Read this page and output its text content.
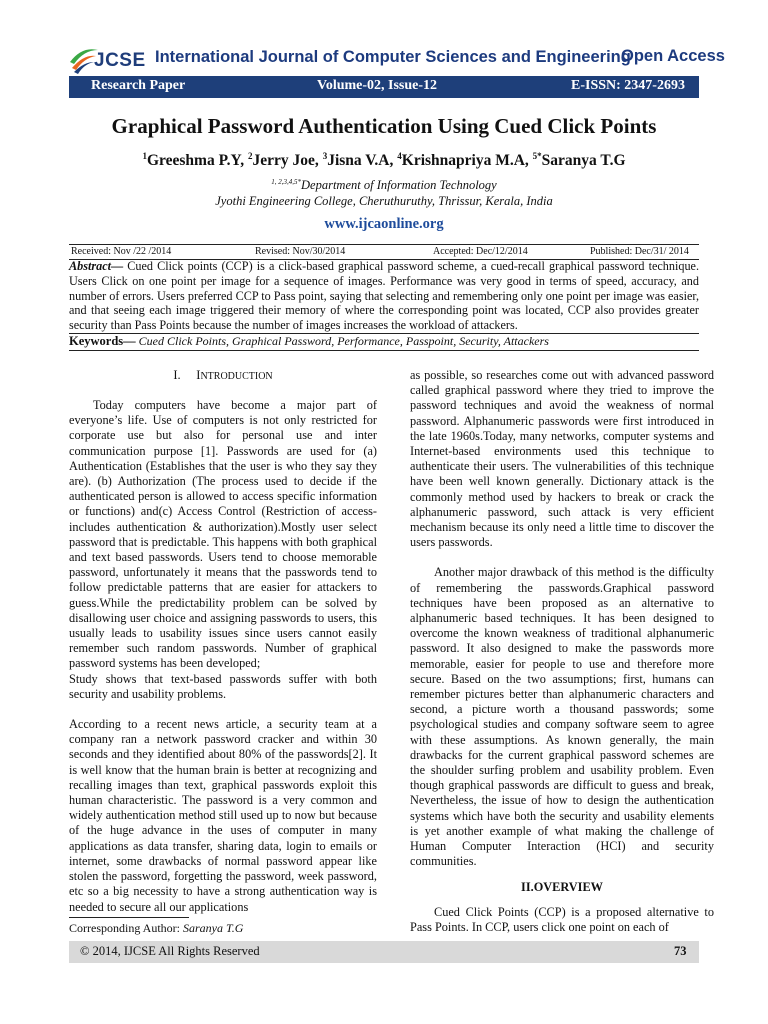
JCSE International Journal of Computer Sciences and Engineering
Open Access
Research Paper	Volume-02, Issue-12	E-ISSN: 2347-2693
Graphical Password Authentication Using Cued Click Points
$^1$Greeshma P.Y, $^2$Jerry Joe, $^3$Jisna V.A, $^4$Krishnapriya M.A, $^{5*}$Saranya T.G
$^{1, 2,3,4,5*}$Department of Information Technology
Jyothi Engineering College, Cheruthuruthy, Thrissur, Kerala, India
www.ijcaonline.org
Received: Nov /22 /2014	Revised: Nov/30/2014	Accepted: Dec/12/2014	Published: Dec/31/ 2014
Abstract— Cued Click points (CCP) is a click-based graphical password scheme, a cued-recall graphical password technique. Users Click on one point per image for a sequence of images. Performance was very good in terms of speed, accuracy, and number of errors. Users preferred CCP to Pass point, saying that selecting and remembering only one point per image was easier, and that seeing each image triggered their memory of where the corresponding point was located, CCP also provides greater security than Pass Points because the number of images increases the workload of attackers.
Keywords— Cued Click Points, Graphical Password, Performance, Passpoint, Security, Attackers
I. INTRODUCTION

Today computers have become a major part of everyone’s life. Use of computers is not only restricted for corporate use but also for personal use and inter communication purpose [1]. Passwords are used for (a) Authentication (Establishes that the user is who they say they are). (b) Authorization (The process used to decide if the authenticated person is allowed to access specific information or functions) and(c) Access Control (Restriction of access-includes authentication & authorization).Mostly user select password that is predictable. This happens with both graphical and text based passwords. Users tend to choose memorable password, unfortunately it means that the passwords tend to follow predictable patterns that are easier for attackers to guess.While the predictability problem can be solved by disallowing user choice and assigning passwords to users, this usually leads to usability issues since users cannot easily remember such random passwords. Number of graphical password systems has been developed;

Study shows that text-based passwords suffer with both security and usability problems.

According to a recent news article, a security team at a company ran a network password cracker and within 30 seconds and they identified about 80% of the passwords[2]. It is well know that the human brain is better at recognizing and recalling images than text, graphical passwords exploit this human characteristic. The password is a very common and widely authentication method still used up to now but because of the huge advance in the uses of computer in many applications as data transfer, sharing data, login to emails or internet, some drawbacks of normal password appear like stolen the password, forgetting the password, week password, etc so a big necessity to have a strong authentication way is needed to secure all our applications

as possible, so researches come out with advanced password called graphical password where they tried to improve the password techniques and avoid the weakness of normal password. Alphanumeric passwords were first introduced in the late 1960s.Today, many networks, computer systems and Internet-based environments used this technique to authenticate their users. The vulnerabilities of this technique have been well known generally. Dictionary attack is the commonly method used by hackers to break or crack the alphanumeric password, such attack is very efficient mechanism because its only need a little time to discover the users passwords.

Another major drawback of this method is the difficulty of remembering the passwords.Graphical password techniques have been proposed as an alternative to alphanumeric based techniques. It has been designed to overcome the known weakness of traditional alphanumeric password. It also designed to make the passwords more memorable, easier for people to use and therefore more secure. Based on the two assumptions; first, humans can remember pictures better than alphanumeric characters and second, a picture worth a thousand passwords; some psychological studies and company software seem to agree with these assumptions. As known generally, the main drawbacks for the current graphical password schemes are the shoulder surfing problem and usability problem. Even though graphical passwords are difficult to guess and break, Nevertheless, the issue of how to design the authentication systems which have both the security and usability elements is yet another example of what making the challenge of Human Computer Interaction (HCI) and security communities.

II.OVERVIEW

Cued Click Points (CCP) is a proposed alternative to Pass Points. In CCP, users click one point on each of

Corresponding Author: Saranya T.G
© 2014, IJCSE All Rights Reserved	73
